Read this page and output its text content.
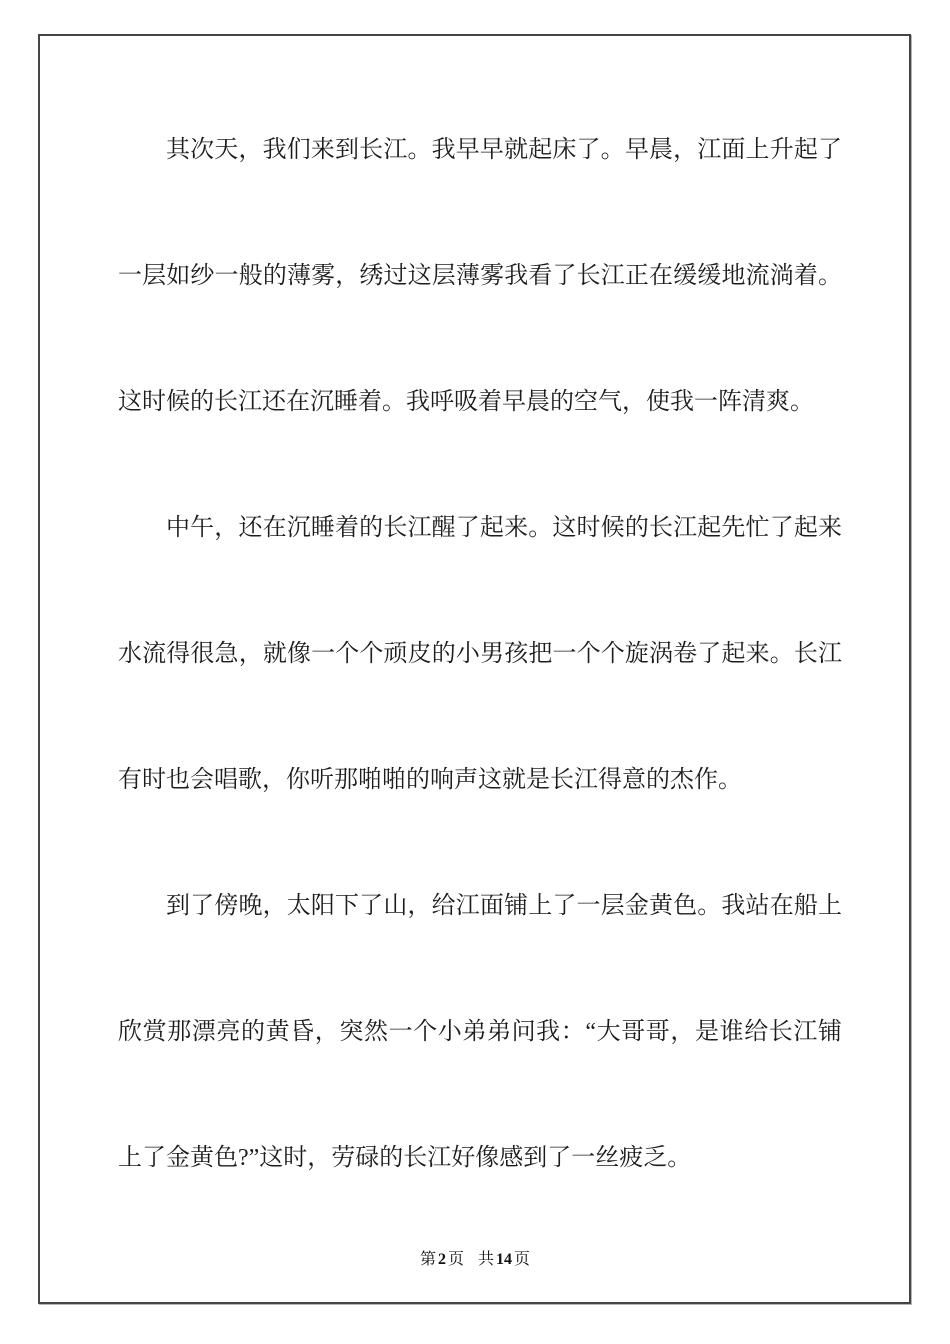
其次天，我们来到长江。我早早就起床了。早晨，江面上升起了
一层如纱一般的薄雾，绣过这层薄雾我看了长江正在缓缓地流淌着。
这时候的长江还在沉睡着。我呼吸着早晨的空气，使我一阵清爽。
中午，还在沉睡着的长江醒了起来。这时候的长江起先忙了起来
水流得很急，就像一个个顽皮的小男孩把一个个旋涡卷了起来。长江
有时也会唱歌，你听那啪啪的响声这就是长江得意的杰作。
到了傍晚，太阳下了山，给江面铺上了一层金黄色。我站在船上
欣赏那漂亮的黄昏，突然一个小弟弟问我：“大哥哥，是谁给长江铺
上了金黄色?”这时，劳碌的长江好像感到了一丝疲乏。
第 2 页 共 14 页
